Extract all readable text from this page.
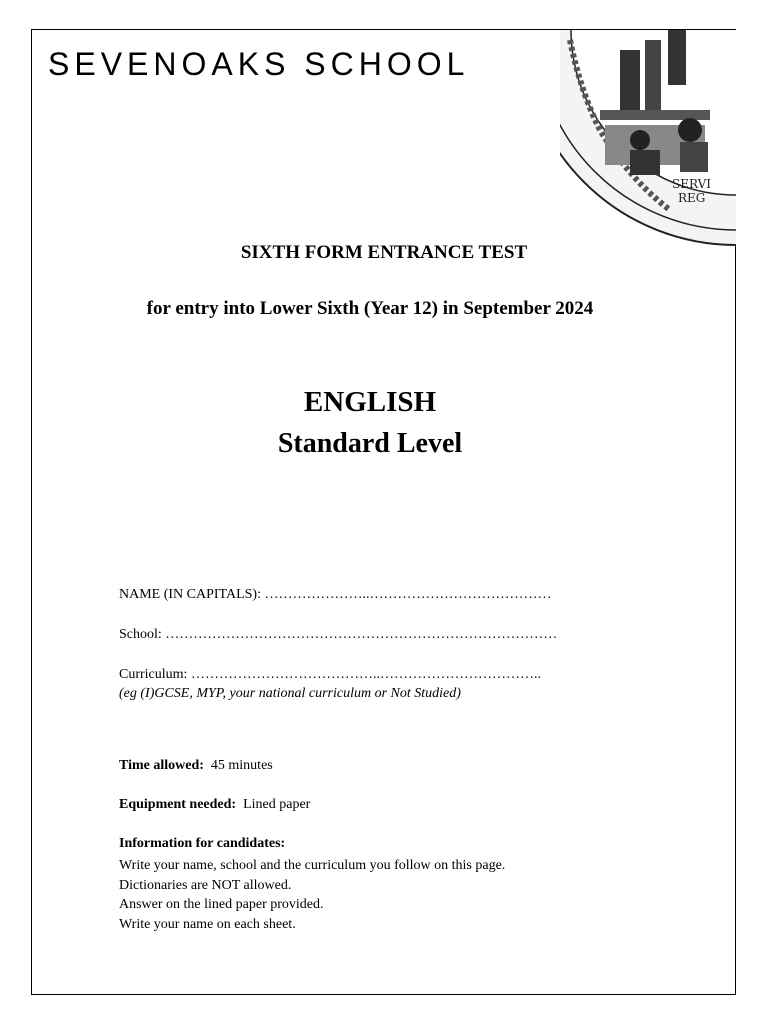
SEVENOAKS SCHOOL
SERVI
REG
SIXTH FORM ENTRANCE TEST
for entry into Lower Sixth (Year 12) in September 2024
ENGLISH
Standard Level
NAME (IN CAPITALS): …………………..…………………………………
School: …………………………………………………………………………
Curriculum: …………………………………..……………………………..
(eg (I)GCSE, MYP, your national curriculum or Not Studied)
Time allowed: 45 minutes
Equipment needed: Lined paper
Information for candidates:
Write your name, school and the curriculum you follow on this page.
Dictionaries are NOT allowed.
Answer on the lined paper provided.
Write your name on each sheet.
